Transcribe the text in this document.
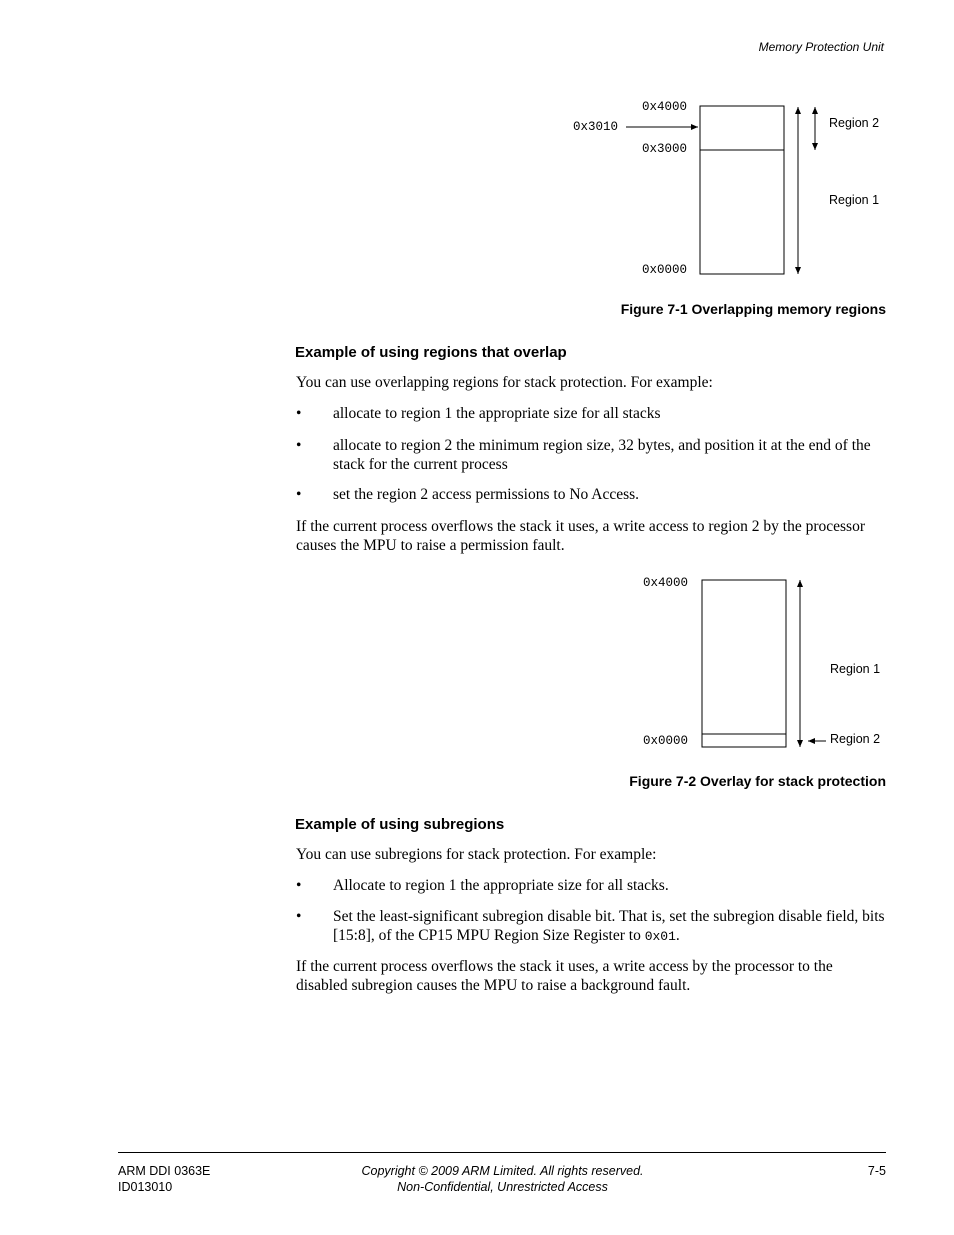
Memory Protection Unit
0x4000
0x3010
0x3000
0x0000
Region 2
Region 1
Figure 7-1 Overlapping memory regions
Example of using regions that overlap
You can use overlapping regions for stack protection. For example:
• allocate to region 1 the appropriate size for all stacks
• allocate to region 2 the minimum region size, 32 bytes, and position it at the end of the stack for the current process
• set the region 2 access permissions to No Access.
If the current process overflows the stack it uses, a write access to region 2 by the processor causes the MPU to raise a permission fault.
0x4000
0x0000
Region 1
Region 2
Figure 7-2 Overlay for stack protection
Example of using subregions
You can use subregions for stack protection. For example:
• Allocate to region 1 the appropriate size for all stacks.
• Set the least-significant subregion disable bit. That is, set the subregion disable field, bits [15:8], of the CP15 MPU Region Size Register to 0x01.
If the current process overflows the stack it uses, a write access by the processor to the disabled subregion causes the MPU to raise a background fault.
ARM DDI 0363E
ID013010
Copyright © 2009 ARM Limited. All rights reserved.
Non-Confidential, Unrestricted Access
7-5
